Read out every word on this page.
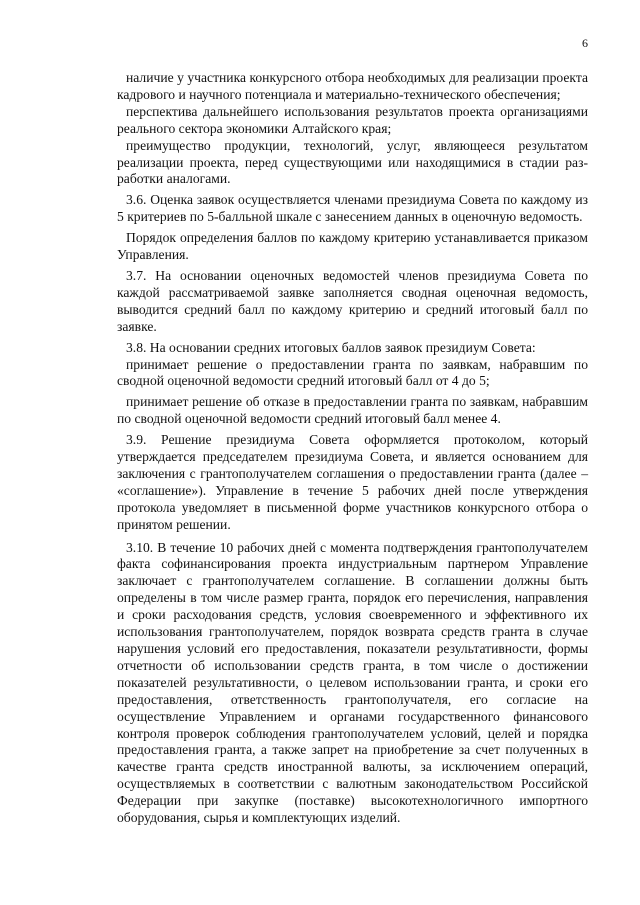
6

наличие у участника конкурсного отбора необходимых для реализации проекта кадрового и научного потенциала и материально-технического обеспечения;

перспектива дальнейшего использования результатов проекта организациями реального сектора экономики Алтайского края;

преимущество продукции, технологий, услуг, являющееся результатом реализации проекта, перед существующими или находящимися в стадии разработки аналогами.

3.6. Оценка заявок осуществляется членами президиума Совета по каждому из 5 критериев по 5-балльной шкале с занесением данных в оценочную ведомость.

Порядок определения баллов по каждому критерию устанавливается приказом Управления.

3.7. На основании оценочных ведомостей членов президиума Совета по каждой рассматриваемой заявке заполняется сводная оценочная ведомость, выводится средний балл по каждому критерию и средний итоговый балл по заявке.

3.8. На основании средних итоговых баллов заявок президиум Совета:

принимает решение о предоставлении гранта по заявкам, набравшим по сводной оценочной ведомости средний итоговый балл от 4 до 5;

принимает решение об отказе в предоставлении гранта по заявкам, набравшим по сводной оценочной ведомости средний итоговый балл менее 4.

3.9. Решение президиума Совета оформляется протоколом, который утверждается председателем президиума Совета, и является основанием для заключения с грантополучателем соглашения о предоставлении гранта (далее – «соглашение»). Управление в течение 5 рабочих дней после утверждения протокола уведомляет в письменной форме участников конкурсного отбора о принятом решении.

3.10. В течение 10 рабочих дней с момента подтверждения грантополучателем факта софинансирования проекта индустриальным партнером Управление заключает с грантополучателем соглашение. В соглашении должны быть определены в том числе размер гранта, порядок его перечисления, направления и сроки расходования средств, условия своевременного и эффективного их использования грантополучателем, порядок возврата средств гранта в случае нарушения условий его предоставления, показатели результативности, формы отчетности об использовании средств гранта, в том числе о достижении показателей результативности, о целевом использовании гранта, и сроки его предоставления, ответственность грантополучателя, его согласие на осуществление Управлением и органами государственного финансового контроля проверок соблюдения грантополучателем условий, целей и порядка предоставления гранта, а также запрет на приобретение за счет полученных в качестве гранта средств иностранной валюты, за исключением операций, осуществляемых в соответствии с валютным законодательством Российской Федерации при закупке (поставке) высокотехнологичного импортного оборудования, сырья и комплектующих изделий.
